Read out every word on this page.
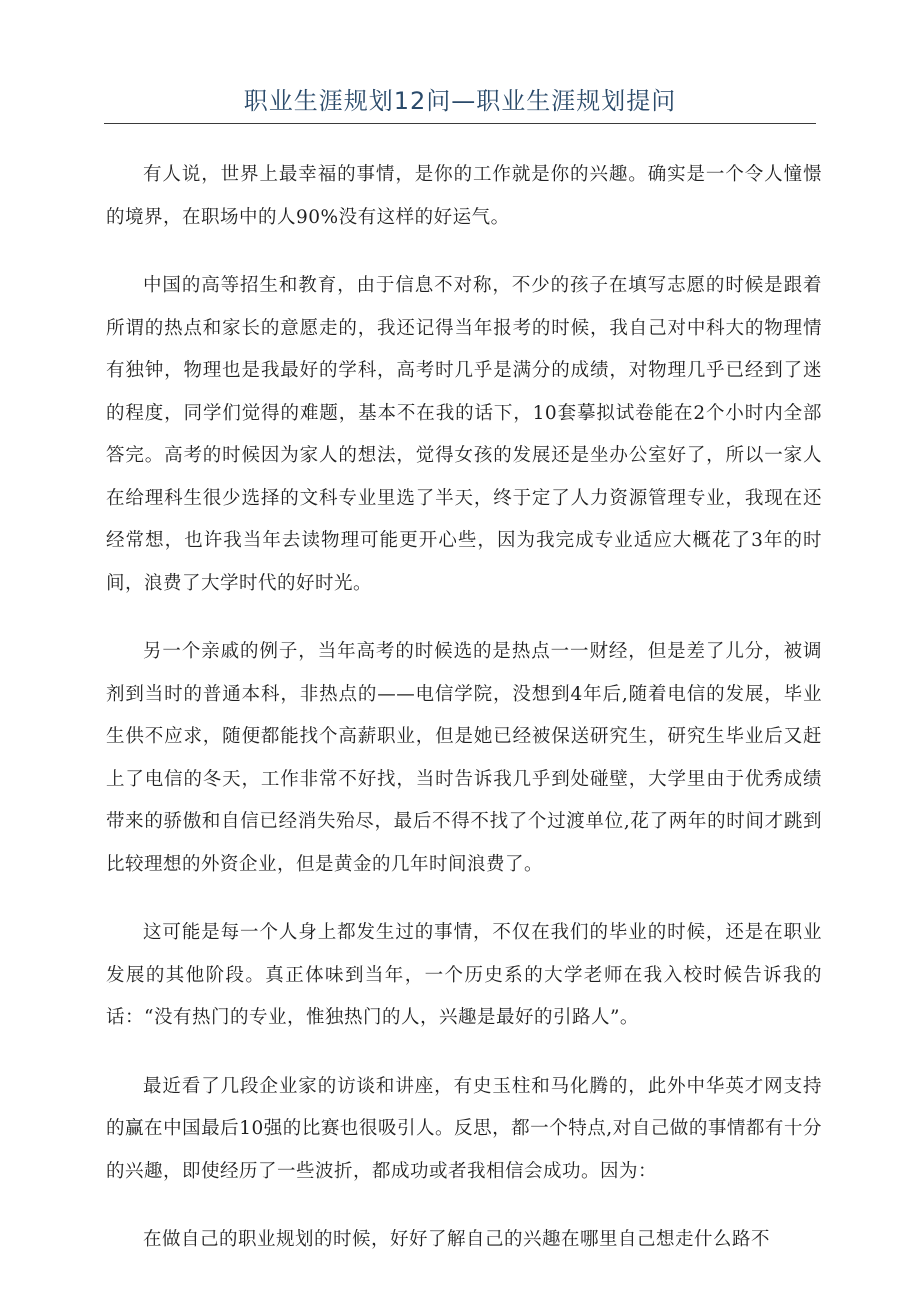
职业生涯规划12问—职业生涯规划提问

有人说，世界上最幸福的事情，是你的工作就是你的兴趣。确实是一个令人憧憬的境界，在职场中的人90%没有这样的好运气。

中国的高等招生和教育，由于信息不对称，不少的孩子在填写志愿的时候是跟着所谓的热点和家长的意愿走的，我还记得当年报考的时候，我自己对中科大的物理情有独钟，物理也是我最好的学科，高考时几乎是满分的成绩，对物理几乎已经到了迷的程度，同学们觉得的难题，基本不在我的话下，10套摹拟试卷能在2个小时内全部答完。高考的时候因为家人的想法，觉得女孩的发展还是坐办公室好了，所以一家人在给理科生很少选择的文科专业里选了半天，终于定了人力资源管理专业，我现在还经常想，也许我当年去读物理可能更开心些，因为我完成专业适应大概花了3年的时间，浪费了大学时代的好时光。

另一个亲戚的例子，当年高考的时候选的是热点一一财经，但是差了儿分，被调剂到当时的普通本科，非热点的——电信学院，没想到4年后,随着电信的发展，毕业生供不应求，随便都能找个高薪职业，但是她已经被保送研究生，研究生毕业后又赶上了电信的冬天，工作非常不好找，当时告诉我几乎到处碰壁，大学里由于优秀成绩带来的骄傲和自信已经消失殆尽，最后不得不找了个过渡单位,花了两年的时间才跳到比较理想的外资企业，但是黄金的几年时间浪费了。

这可能是每一个人身上都发生过的事情，不仅在我们的毕业的时候，还是在职业发展的其他阶段。真正体味到当年，一个历史系的大学老师在我入校时候告诉我的话：“没有热门的专业，惟独热门的人，兴趣是最好的引路人”。

最近看了几段企业家的访谈和讲座，有史玉柱和马化腾的，此外中华英才网支持的赢在中国最后10强的比赛也很吸引人。反思，都一个特点,对自己做的事情都有十分的兴趣，即使经历了一些波折，都成功或者我相信会成功。因为：

在做自己的职业规划的时候，好好了解自己的兴趣在哪里自己想走什么路不
